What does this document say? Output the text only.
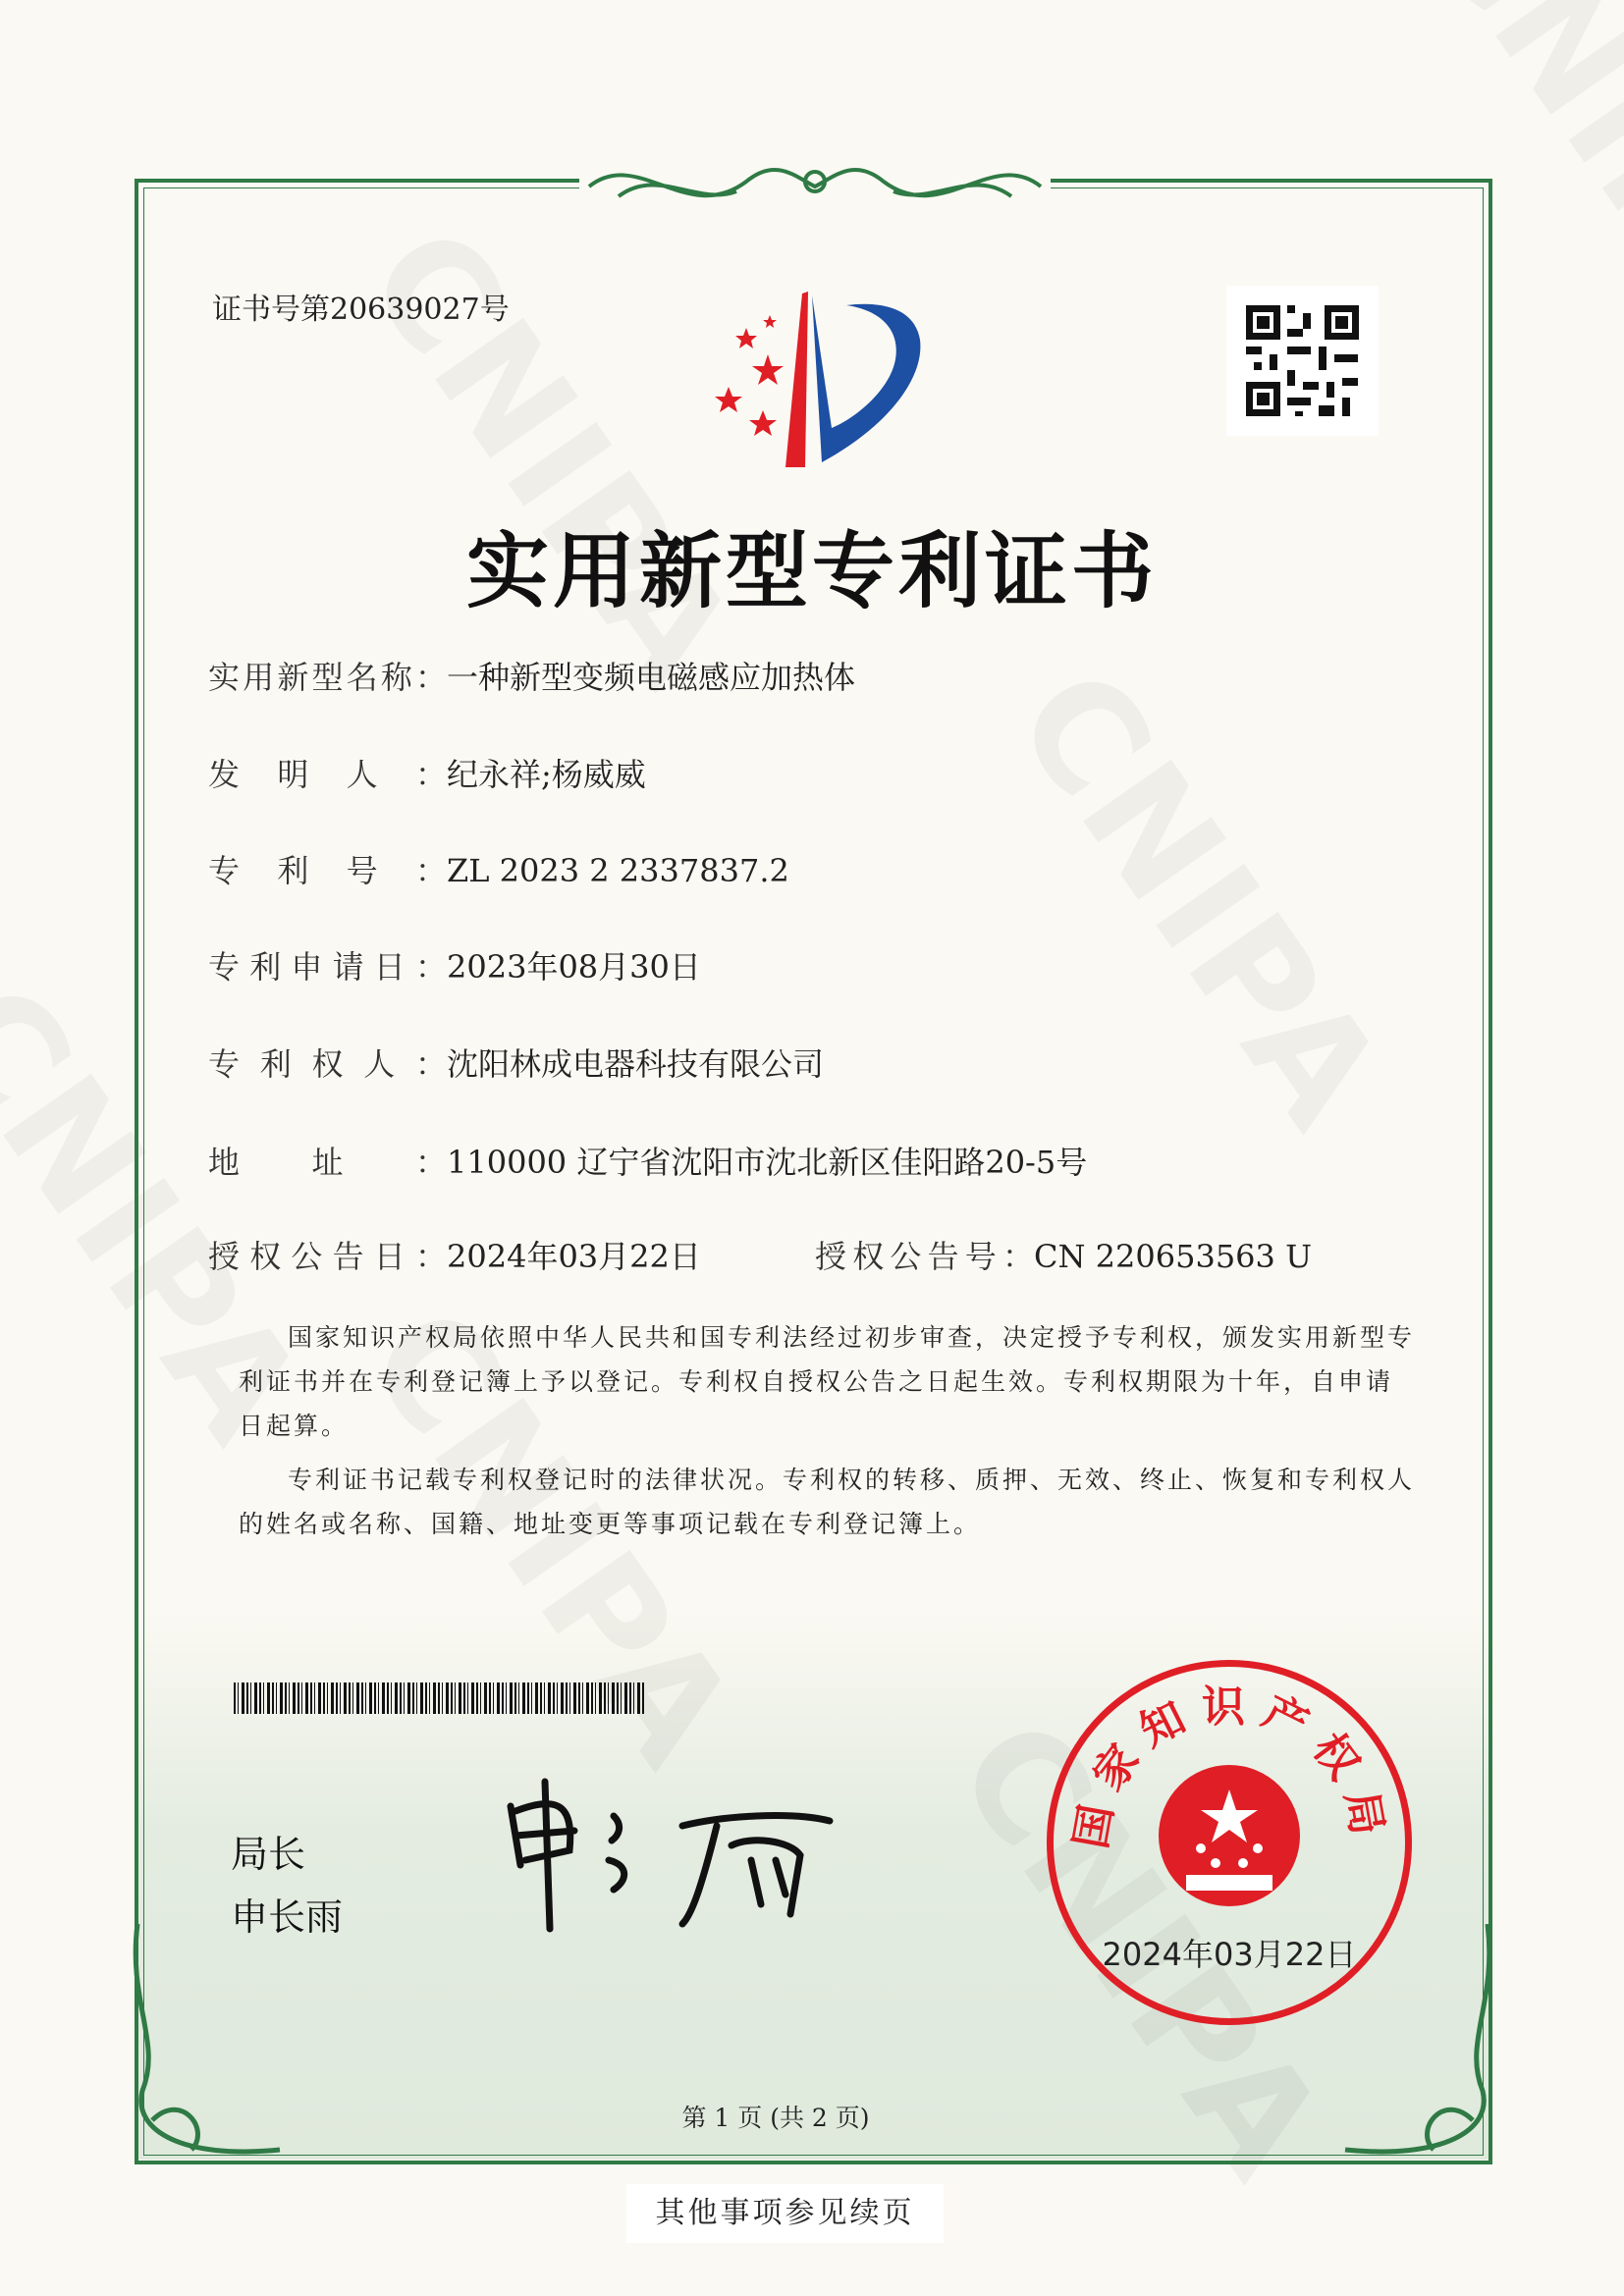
证书号第20639027号
实用新型专利证书
实用新型名称： 一种新型变频电磁感应加热体
发明人： 纪永祥;杨威威
专利号： ZL 2023 2 2337837.2
专利申请日： 2023年08月30日
专利权人： 沈阳林成电器科技有限公司
地址： 110000 辽宁省沈阳市沈北新区佳阳路20-5号
授权公告日： 2024年03月22日	授权公告号： CN 220653563 U

国家知识产权局依照中华人民共和国专利法经过初步审查，决定授予专利权，颁发实用新型专利证书并在专利登记簿上予以登记。专利权自授权公告之日起生效。专利权期限为十年，自申请日起算。

专利证书记载专利权登记时的法律状况。专利权的转移、质押、无效、终止、恢复和专利权人的姓名或名称、国籍、地址变更等事项记载在专利登记簿上。

局长
申长雨
国家知识产权局
2024年03月22日
第 1 页 (共 2 页)
其他事项参见续页
